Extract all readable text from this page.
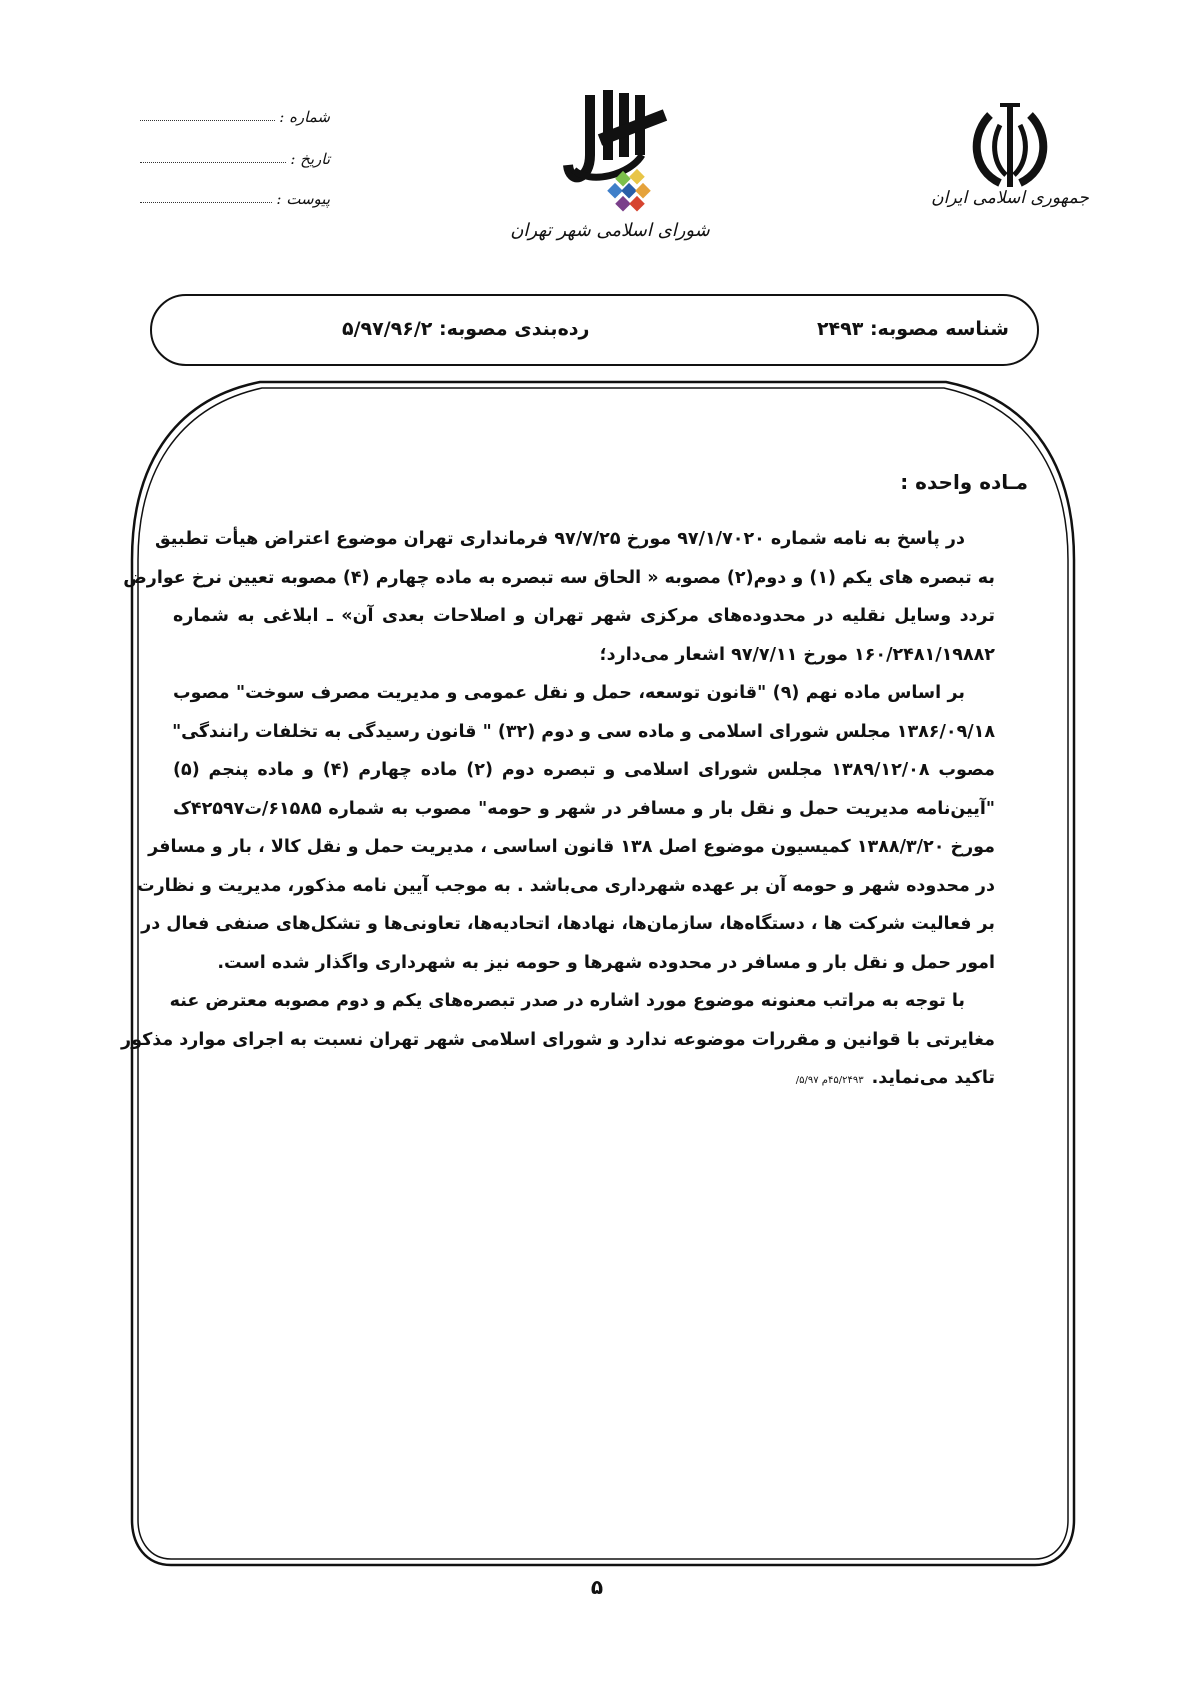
جمهوری اسلامی ایران
شورای اسلامی شهر تهران
شماره :
تاریخ :
پیوست :
شناسه مصوبه: ۲۴۹۳
رده‌بندی مصوبه: ۵/۹۷/۹۶/۲
مـاده واحده :
در پاسخ به نامه شماره ۹۷/۱/۷۰۲۰ مورخ ۹۷/۷/۲۵ فرمانداری تهران موضوع اعتراض هیأت تطبیق
به تبصره های یکم (۱) و دوم(۲) مصوبه « الحاق سه تبصره به ماده چهارم (۴) مصوبه تعیین نرخ عوارض
تردد وسایل نقلیه در محدوده‌های مرکزی شهر تهران و اصلاحات بعدی آن» ـ ابلاغی به شماره
۱۶۰/۲۴۸۱/۱۹۸۸۲ مورخ ۹۷/۷/۱۱ اشعار می‌دارد؛
بر اساس ماده نهم (۹) "قانون توسعه، حمل و نقل عمومی و مدیریت مصرف سوخت" مصوب
۱۳۸۶/۰۹/۱۸ مجلس شورای اسلامی و ماده سی و دوم (۳۲) " قانون رسیدگی به تخلفات رانندگی"
مصوب ۱۳۸۹/۱۲/۰۸ مجلس شورای اسلامی و تبصره دوم (۲) ماده چهارم (۴) و ماده پنجم (۵)
"آیین‌نامه مدیریت حمل و نقل بار و مسافر در شهر و حومه" مصوب به شماره ۶۱۵۸۵/ت۴۲۵۹۷ک
مورخ ۱۳۸۸/۳/۲۰ کمیسیون موضوع اصل ۱۳۸ قانون اساسی ، مدیریت حمل و نقل کالا ، بار و مسافر
در محدوده شهر و حومه آن بر عهده شهرداری می‌باشد . به موجب آیین نامه مذکور، مدیریت و نظارت
بر فعالیت شرکت ها ، دستگاه‌ها، سازمان‌ها، نهادها، اتحادیه‌ها، تعاونی‌ها و تشکل‌های صنفی فعال در
امور حمل و نقل بار و مسافر در محدوده شهرها و حومه نیز به شهرداری واگذار شده است.
با توجه به مراتب معنونه موضوع مورد اشاره در صدر تبصره‌های یکم و دوم مصوبه معترض عنه
مغایرتی با قوانین و مقررات موضوعه ندارد و شورای اسلامی شهر تهران نسبت به اجرای موارد مذکور
تاکید می‌نماید.۴۵/۲۴۹۳م ۵/۹۷/
۵
